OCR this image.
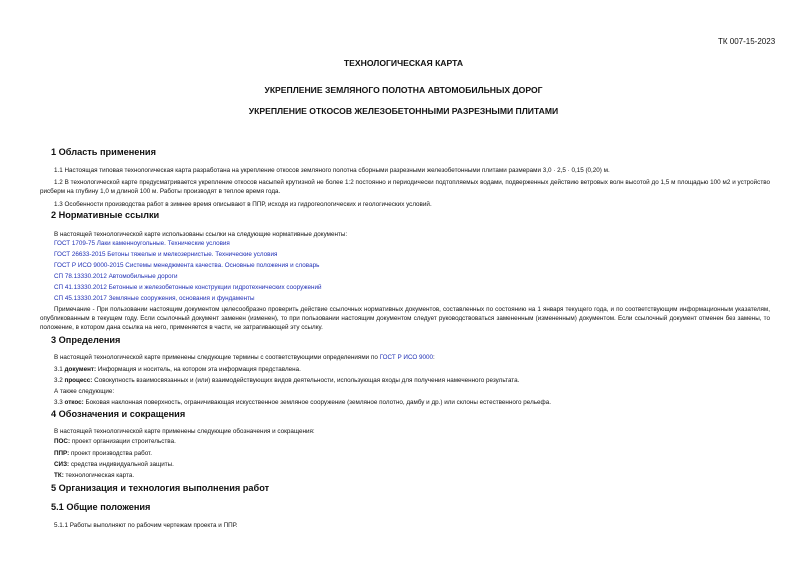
ТК 007-15-2023
ТЕХНОЛОГИЧЕСКАЯ КАРТА
УКРЕПЛЕНИЕ ЗЕМЛЯНОГО ПОЛОТНА АВТОМОБИЛЬНЫХ ДОРОГ
УКРЕПЛЕНИЕ ОТКОСОВ ЖЕЛЕЗОБЕТОННЫМИ РАЗРЕЗНЫМИ ПЛИТАМИ
1 Область применения
1.1 Настоящая типовая технологическая карта разработана на укрепление откосов земляного полотна сборными разрезными железобетонными плитами размерами 3,0 · 2,5 · 0,15 (0,20) м.
1.2 В технологической карте предусматривается укрепление откосов насыпей крутизной не более 1:2 постоянно и периодически подтопляемых водами, подверженных действию ветровых волн высотой до 1,5 м площадью 100 м2 и устройство рисберм на глубину 1,0 м длиной 100 м. Работы производят в теплое время года.
1.3 Особенности производства работ в зимнее время описывают в ППР, исходя из гидрогеологических и геологических условий.
2 Нормативные ссылки
В настоящей технологической карте использованы ссылки на следующие нормативные документы:
ГОСТ 1709-75 Лаки каменноугольные. Технические условия
ГОСТ 26633-2015 Бетоны тяжелые и мелкозернистые. Технические условия
ГОСТ Р ИСО 9000-2015 Системы менеджмента качества. Основные положения и словарь
СП 78.13330.2012 Автомобильные дороги
СП 41.13330.2012 Бетонные и железобетонные конструкции гидротехнических сооружений
СП 45.13330.2017 Земляные сооружения, основания и фундаменты
Примечание - При пользовании настоящим документом целесообразно проверить действие ссылочных нормативных документов, составленных по состоянию на 1 января текущего года, и по соответствующим информационным указателям, опубликованным в текущем году. Если ссылочный документ заменен (изменен), то при пользовании настоящим документом следует руководствоваться замененным (измененным) документом. Если ссылочный документ отменен без замены, то положение, в котором дана ссылка на него, применяется в части, не затрагивающей эту ссылку.
3 Определения
В настоящей технологической карте применены следующие термины с соответствующими определениями по ГОСТ Р ИСО 9000:
3.1 документ: Информация и носитель, на котором эта информация представлена.
3.2 процесс: Совокупность взаимосвязанных и (или) взаимодействующих видов деятельности, использующая входы для получения намеченного результата.
А также следующие:
3.3 откос: Боковая наклонная поверхность, ограничивающая искусственное земляное сооружение (земляное полотно, дамбу и др.) или склоны естественного рельефа.
4 Обозначения и сокращения
В настоящей технологической карте применены следующие обозначения и сокращения:
ПОС: проект организации строительства.
ППР: проект производства работ.
СИЗ: средства индивидуальной защиты.
ТК: технологическая карта.
5 Организация и технология выполнения работ
5.1 Общие положения
5.1.1 Работы выполняют по рабочим чертежам проекта и ППР.
